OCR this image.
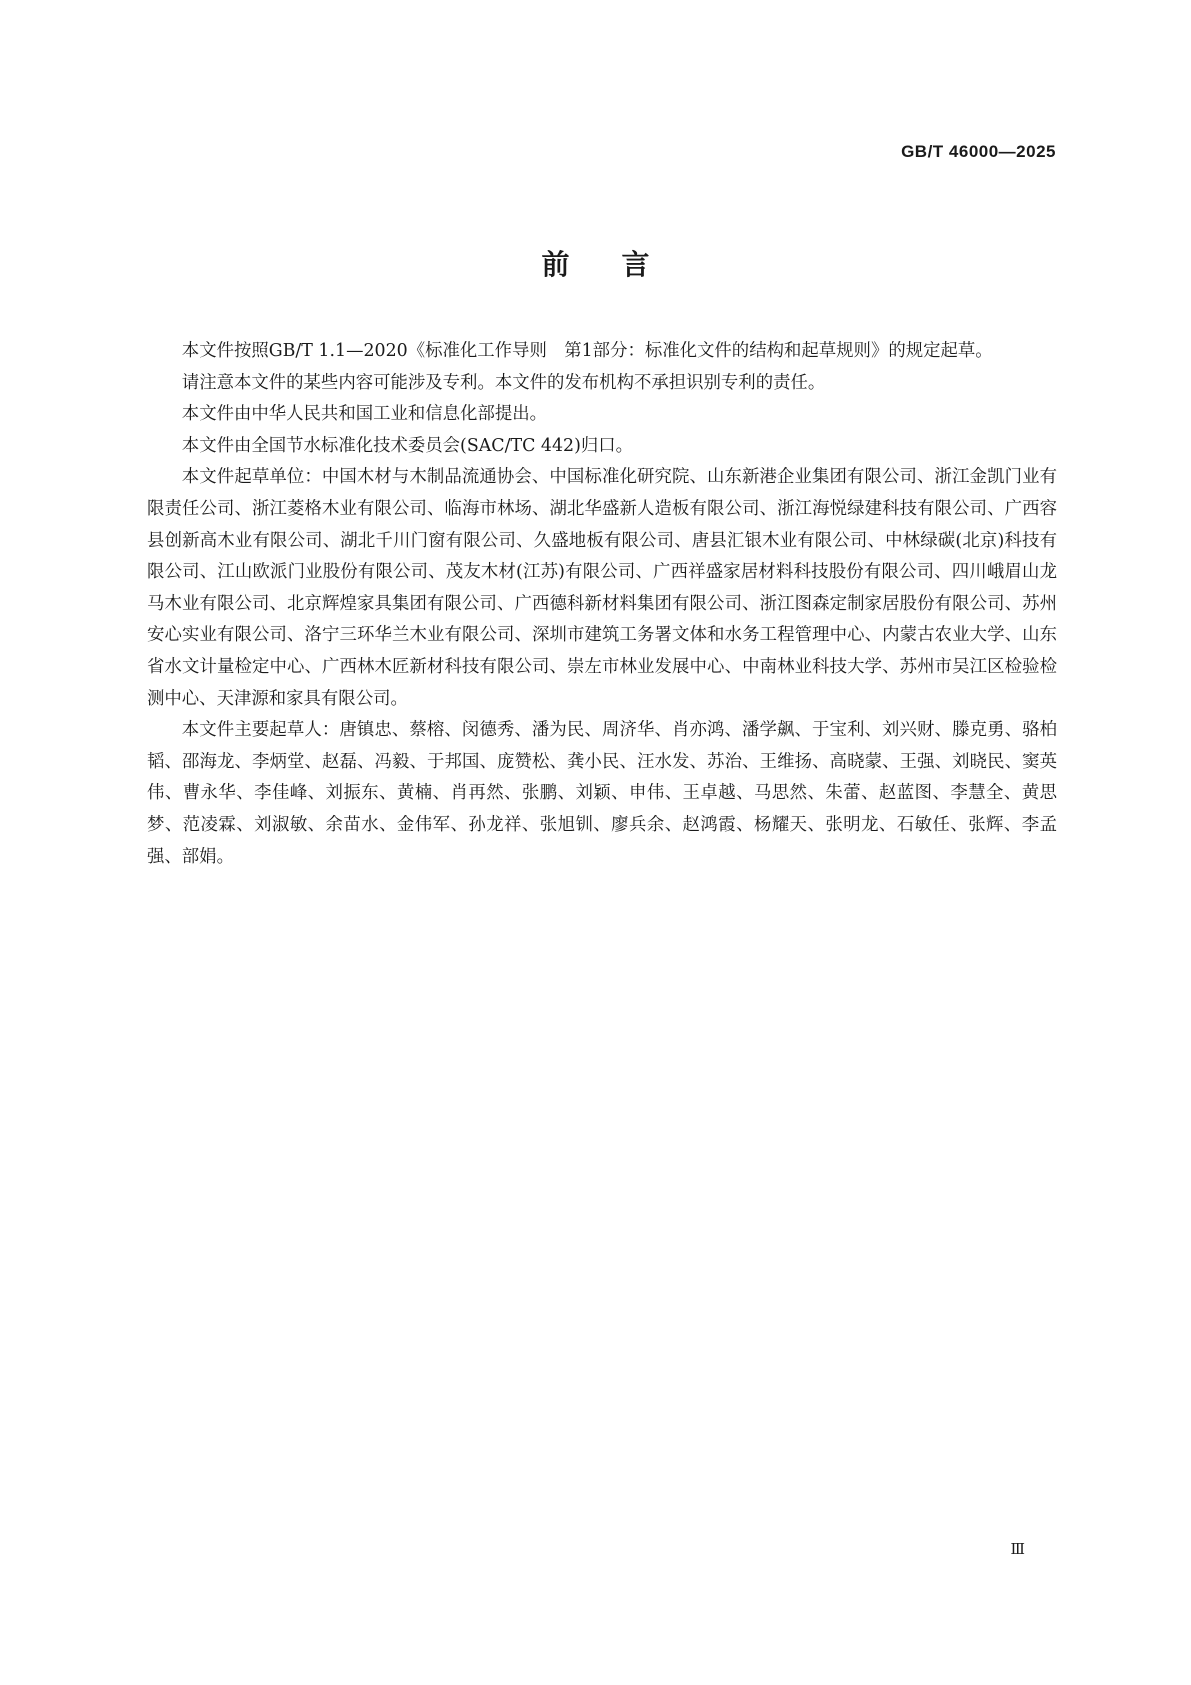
GB/T 46000—2025
前言

本文件按照GB/T 1.1—2020《标准化工作导则　第1部分：标准化文件的结构和起草规则》的规定起草。

请注意本文件的某些内容可能涉及专利。本文件的发布机构不承担识别专利的责任。

本文件由中华人民共和国工业和信息化部提出。

本文件由全国节水标准化技术委员会(SAC/TC 442)归口。

本文件起草单位：中国木材与木制品流通协会、中国标准化研究院、山东新港企业集团有限公司、浙江金凯门业有限责任公司、浙江菱格木业有限公司、临海市林场、湖北华盛新人造板有限公司、浙江海悦绿建科技有限公司、广西容县创新高木业有限公司、湖北千川门窗有限公司、久盛地板有限公司、唐县汇银木业有限公司、中林绿碳(北京)科技有限公司、江山欧派门业股份有限公司、茂友木材(江苏)有限公司、广西祥盛家居材料科技股份有限公司、四川峨眉山龙马木业有限公司、北京辉煌家具集团有限公司、广西德科新材料集团有限公司、浙江图森定制家居股份有限公司、苏州安心实业有限公司、洛宁三环华兰木业有限公司、深圳市建筑工务署文体和水务工程管理中心、内蒙古农业大学、山东省水文计量检定中心、广西林木匠新材科技有限公司、崇左市林业发展中心、中南林业科技大学、苏州市吴江区检验检测中心、天津源和家具有限公司。

本文件主要起草人：唐镇忠、蔡榕、闵德秀、潘为民、周济华、肖亦鸿、潘学飙、于宝利、刘兴财、滕克勇、骆柏韬、邵海龙、李炳堂、赵磊、冯毅、于邦国、庞赞松、龚小民、汪水发、苏治、王维扬、高晓蒙、王强、刘晓民、窦英伟、曹永华、李佳峰、刘振东、黄楠、肖再然、张鹏、刘颖、申伟、王卓越、马思然、朱蕾、赵蓝图、李慧全、黄思梦、范凌霖、刘淑敏、余苗水、金伟军、孙龙祥、张旭钏、廖兵余、赵鸿霞、杨耀天、张明龙、石敏任、张辉、李孟强、部娟。

Ⅲ
